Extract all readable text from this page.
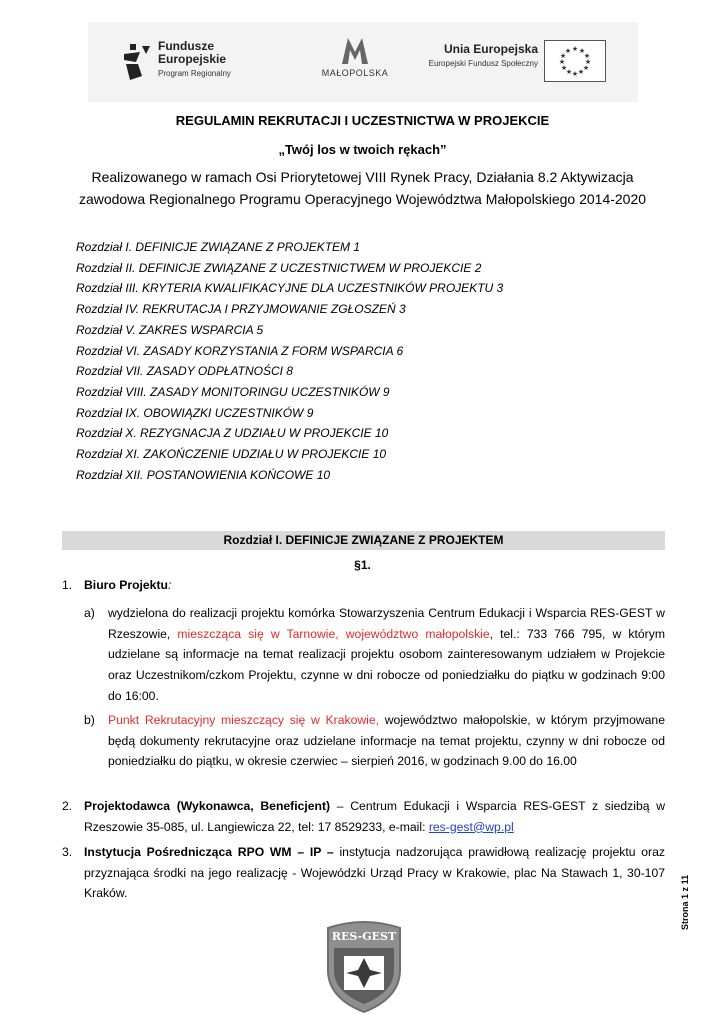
Fundusze
Europejskie
Program Regionalny	MAŁOPOLSKA
Unia Europejska
Europejski Fundusz Społeczny
★ ★
★
★
★
★
★
★
★
★
★
★
REGULAMIN REKRUTACJI I UCZESTNICTWA W PROJEKCIE
„Twój los w twoich rękach”
Realizowanego w ramach Osi Priorytetowej VIII Rynek Pracy, Działania 8.2 Aktywizacja
zawodowa Regionalnego Programu Operacyjnego Województwa Małopolskiego 2014-2020
Rozdział I. DEFINICJE ZWIĄZANE Z PROJEKTEM 1
Rozdział II. DEFINICJE ZWIĄZANE Z UCZESTNICTWEM W PROJEKCIE 2
Rozdział III. KRYTERIA KWALIFIKACYJNE DLA UCZESTNIKÓW PROJEKTU 3
Rozdział IV. REKRUTACJA I PRZYJMOWANIE ZGŁOSZEŃ 3
Rozdział V. ZAKRES WSPARCIA 5
Rozdział VI. ZASADY KORZYSTANIA Z FORM WSPARCIA 6
Rozdział VII. ZASADY ODPŁATNOŚCI 8
Rozdział VIII. ZASADY MONITORINGU UCZESTNIKÓW 9
Rozdział IX. OBOWIĄZKI UCZESTNIKÓW 9
Rozdział X. REZYGNACJA Z UDZIAŁU W PROJEKCIE 10
Rozdział XI. ZAKOŃCZENIE UDZIAŁU W PROJEKCIE 10
Rozdział XII. POSTANOWIENIA KOŃCOWE 10
Rozdział I. DEFINICJE ZWIĄZANE Z PROJEKTEM
§1.
1. Biuro Projektu:
a) wydzielona do realizacji projektu komórka Stowarzyszenia Centrum Edukacji i Wsparcia RES-GEST w Rzeszowie, mieszcząca się w Tarnowie, województwo małopolskie, tel.: 733 766 795, w którym udzielane są informacje na temat realizacji projektu osobom zainteresowanym udziałem w Projekcie oraz Uczestnikom/czkom Projektu, czynne w dni robocze od poniedziałku do piątku w godzinach 9:00 do 16:00.
b) Punkt Rekrutacyjny mieszczący się w Krakowie, województwo małopolskie, w którym przyjmowane będą dokumenty rekrutacyjne oraz udzielane informacje na temat projektu, czynny w dni robocze od poniedziałku do piątku, w okresie czerwiec – sierpień 2016, w godzinach 9.00 do 16.00
2. Projektodawca (Wykonawca, Beneficjent) – Centrum Edukacji i Wsparcia RES-GEST z siedzibą w Rzeszowie 35-085, ul. Langiewicza 22, tel: 17 8529233, e-mail: res-gest@wp.pl
3. Instytucja Pośrednicząca RPO WM – IP – instytucja nadzorująca prawidłową realizację projektu oraz przyznająca środki na jego realizację - Wojewódzki Urząd Pracy w Krakowie, plac Na Stawach 1, 30-107 Kraków.
Strona 1 z 11
RES-GEST
